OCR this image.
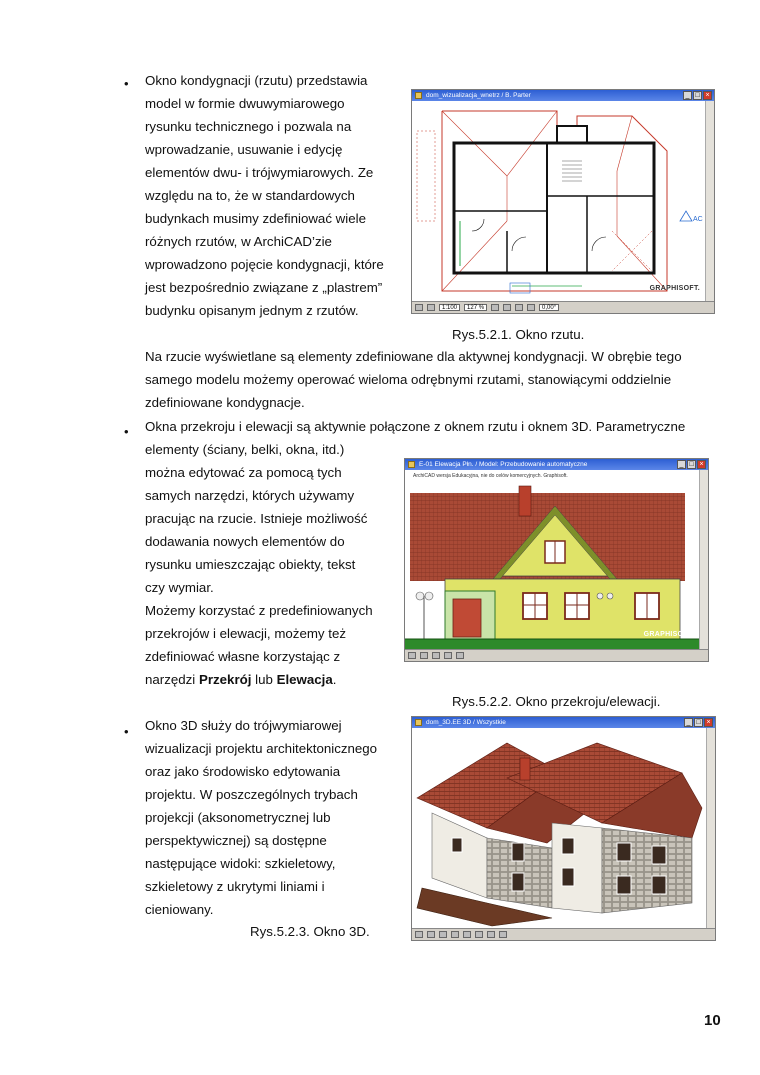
• Okno kondygnacji (rzutu) przedstawia
model w formie dwuwymiarowego
rysunku technicznego i pozwala na
wprowadzanie, usuwanie i edycję
elementów dwu- i trójwymiarowych. Ze
względu na to, że w standardowych
budynkach musimy zdefiniować wiele
różnych rzutów, w ArchiCAD’zie
wprowadzono pojęcie kondygnacji, które
jest bezpośrednio związane z „plastrem”
budynku opisanym jednym z rzutów.
dom_wizualizacja_wnetrz / B. Parter	_ □ ×
AC
GRAPHISOFT.
1:100	127 %	0,00°
Rys.5.2.1. Okno rzutu.
Na rzucie wyświetlane są elementy zdefiniowane dla aktywnej kondygnacji. W obrębie tego
samego modelu możemy operować wieloma odrębnymi rzutami, stanowiącymi oddzielnie
zdefiniowane kondygnacje.
• Okna przekroju i elewacji są aktywnie połączone z oknem rzutu i oknem 3D. Parametryczne
elementy (ściany, belki, okna, itd.)
można edytować za pomocą tych
samych narzędzi, których używamy
pracując na rzucie. Istnieje możliwość
dodawania nowych elementów do
rysunku umieszczając obiekty, tekst
czy wymiar.
Możemy korzystać z predefiniowanych
przekrojów i elewacji, możemy też
zdefiniować własne korzystając z
narzędzi Przekrój lub Elewacja.
E-01 Elewacja Płn. / Model: Przebudowanie automatyczne	_ □ ×
ArchiCAD wersja Edukacyjna, nie do celów komercyjnych. Graphisoft.
GRAPHISOFT.
Rys.5.2.2. Okno przekroju/elewacji.
• Okno 3D służy do trójwymiarowej
wizualizacji projektu architektonicznego
oraz jako środowisko edytowania
projektu. W poszczególnych trybach
projekcji (aksonometrycznej lub
perspektywicznej) są dostępne
następujące widoki: szkieletowy,
szkieletowy z ukrytymi liniami i
cieniowany.
Rys.5.2.3. Okno 3D.
dom_3D.EE 3D / Wszystkie	_ □ ×
10
